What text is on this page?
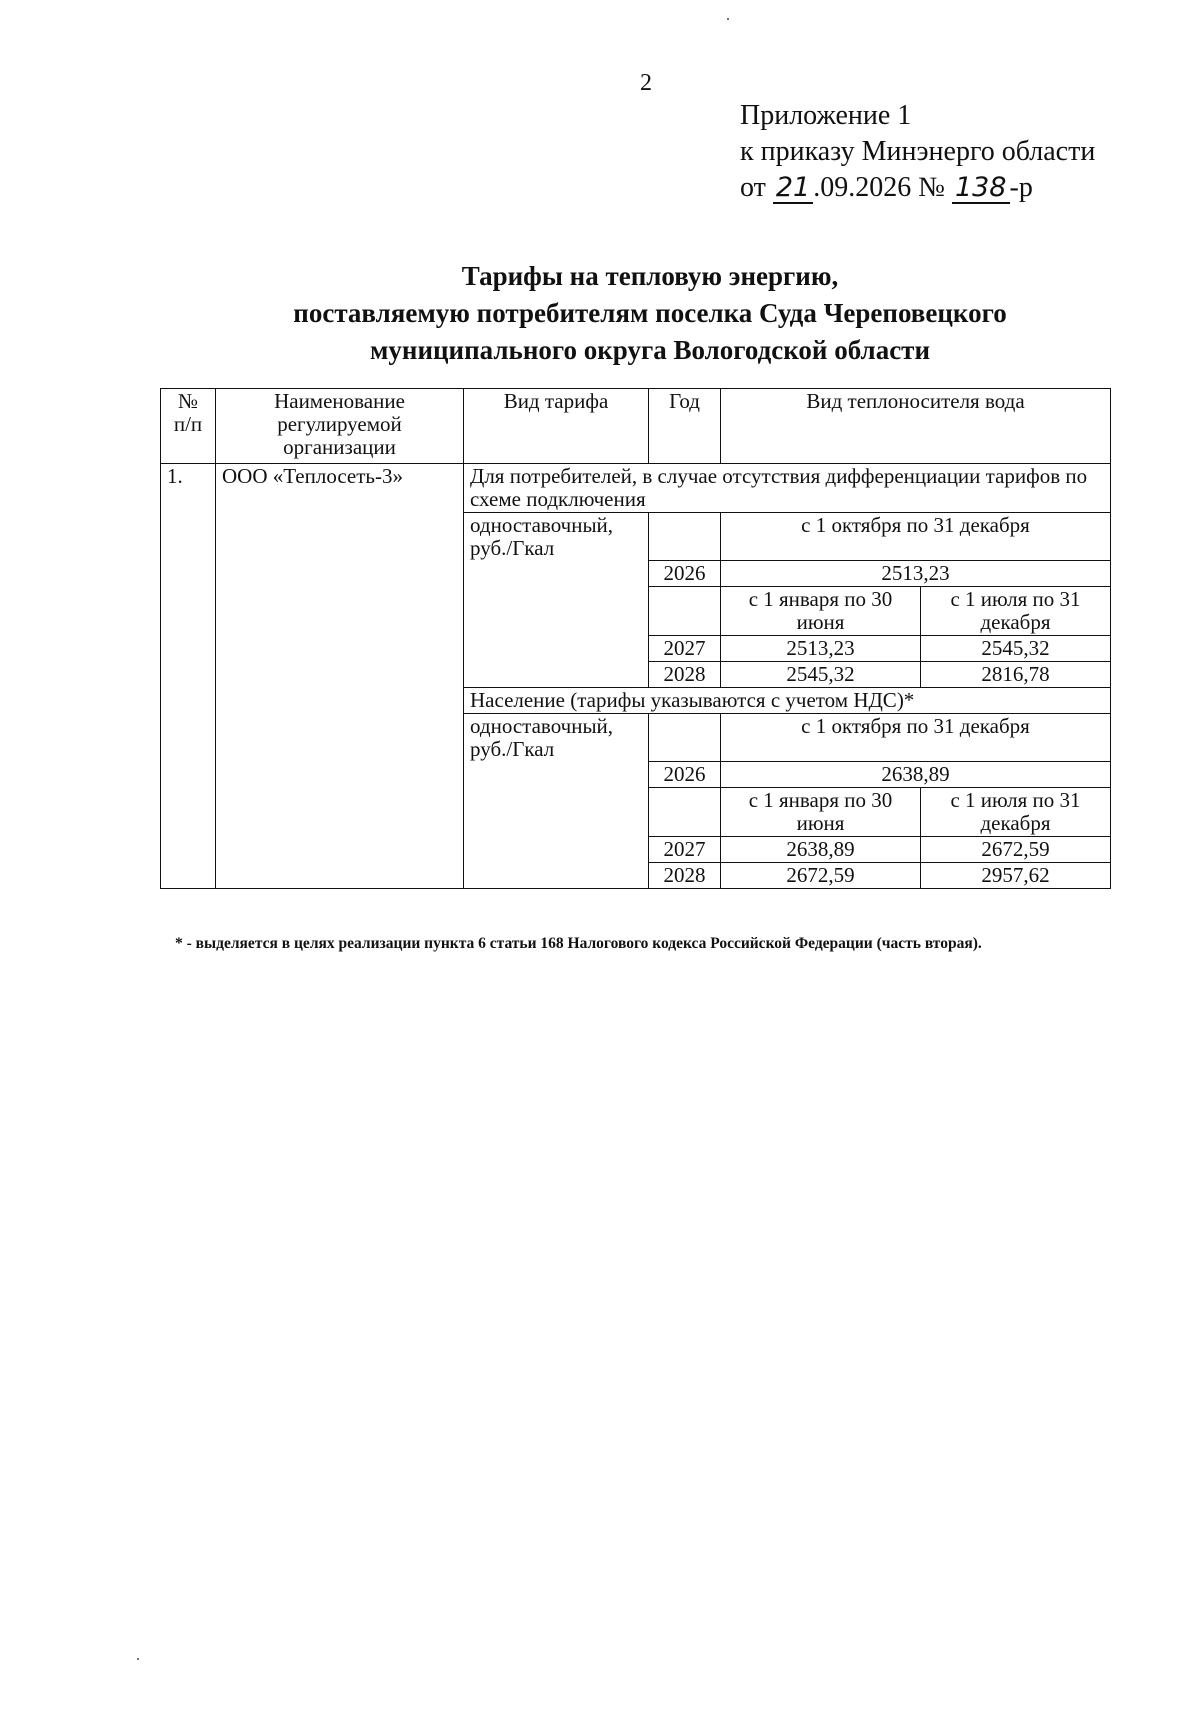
2
Приложение 1
к приказу Минэнерго области
от 21 .09.2026 № 138 -р
Тарифы на тепловую энергию,
поставляемую потребителям поселка Суда Череповецкого
муниципального округа Вологодской области
№ п/п	Наименование регулируемой организации	Вид тарифа	Год	Вид теплоносителя вода	
1.	ООО «Теплосеть-3»	Для потребителей, в случае отсутствия дифференциации тарифов по схеме подключения			
		одноставочный, руб./Гкал		с 1 октября по 31 декабря	
			2026	2513,23	
				с 1 января по 30 июня	с 1 июля по 31 декабря
			2027	2513,23	2545,32
			2028	2545,32	2816,78
		Население (тарифы указываются с учетом НДС)*			
		одноставочный, руб./Гкал		с 1 октября по 31 декабря	
			2026	2638,89	
				с 1 января по 30 июня	с 1 июля по 31 декабря
			2027	2638,89	2672,59
			2028	2672,59	2957,62
* - выделяется в целях реализации пункта 6 статьи 168 Налогового кодекса Российской Федерации (часть вторая).
